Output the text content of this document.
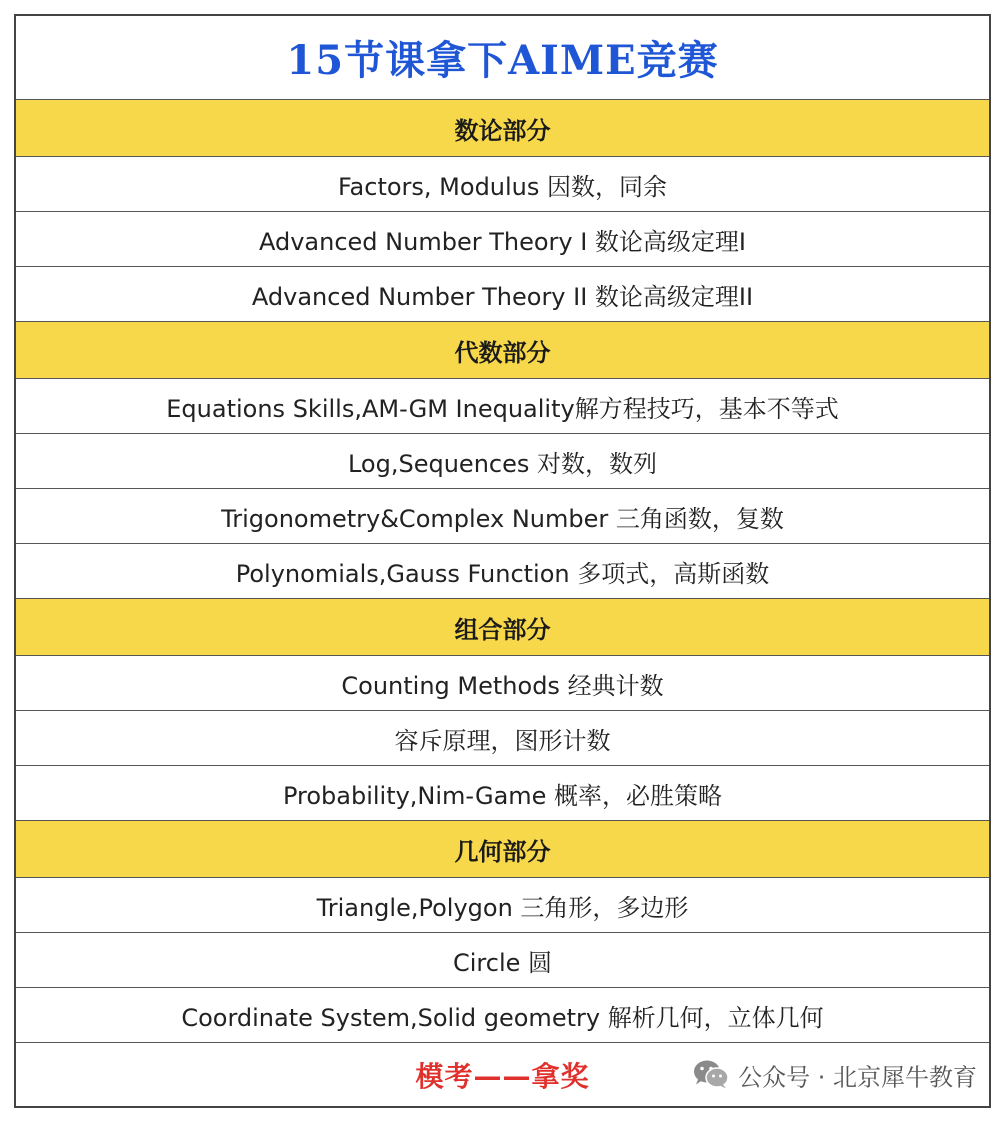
15节课拿下AIME竞赛
数论部分
Factors, Modulus 因数，同余
Advanced Number Theory I 数论高级定理I
Advanced Number Theory II 数论高级定理II
代数部分
Equations Skills,AM-GM Inequality解方程技巧，基本不等式
Log,Sequences 对数，数列
Trigonometry&Complex Number 三角函数，复数
Polynomials,Gauss Function 多项式，高斯函数
组合部分
Counting Methods 经典计数
容斥原理，图形计数
Probability,Nim-Game 概率，必胜策略
几何部分
Triangle,Polygon 三角形，多边形
Circle 圆
Coordinate System,Solid geometry 解析几何，立体几何
模考——拿奖	公众号 · 北京犀牛教育
